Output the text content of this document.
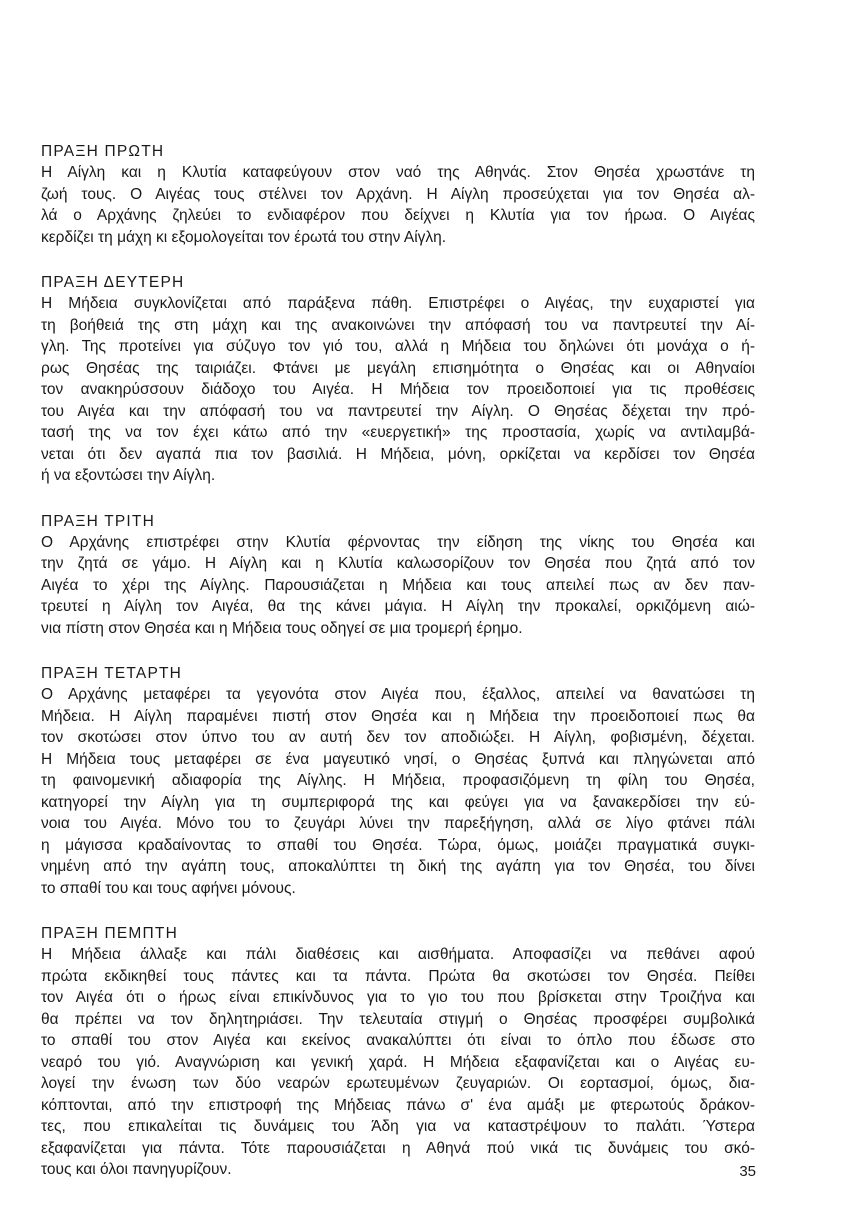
ΠΡΑΞΗ ΠΡΩΤΗ
Η Αίγλη και η Κλυτία καταφεύγουν στον ναό της Αθηνάς. Στον Θησέα χρωστάνε τη
ζωή τους. Ο Αιγέας τους στέλνει τον Αρχάνη. Η Αίγλη προσεύχεται για τον Θησέα αλ-
λά ο Αρχάνης ζηλεύει το ενδιαφέρον που δείχνει η Κλυτία για τον ήρωα. Ο Αιγέας
κερδίζει τη μάχη κι εξομολογείται τον έρωτά του στην Αίγλη.
ΠΡΑΞΗ ΔΕΥΤΕΡΗ
Η Μήδεια συγκλονίζεται από παράξενα πάθη. Επιστρέφει ο Αιγέας, την ευχαριστεί για
τη βοήθειά της στη μάχη και της ανακοινώνει την απόφασή του να παντρευτεί την Αί-
γλη. Της προτείνει για σύζυγο τον γιό του, αλλά η Μήδεια του δηλώνει ότι μονάχα ο ή-
ρως Θησέας της ταιριάζει. Φτάνει με μεγάλη επισημότητα ο Θησέας και οι Αθηναίοι
τον ανακηρύσσουν διάδοχο του Αιγέα. Η Μήδεια τον προειδοποιεί για τις προθέσεις
του Αιγέα και την απόφασή του να παντρευτεί την Αίγλη. Ο Θησέας δέχεται την πρό-
τασή της να τον έχει κάτω από την «ευεργετική» της προστασία, χωρίς να αντιλαμβά-
νεται ότι δεν αγαπά πια τον βασιλιά. Η Μήδεια, μόνη, ορκίζεται να κερδίσει τον Θησέα
ή να εξοντώσει την Αίγλη.
ΠΡΑΞΗ ΤΡΙΤΗ
Ο Αρχάνης επιστρέφει στην Κλυτία φέρνοντας την είδηση της νίκης του Θησέα και
την ζητά σε γάμο. Η Αίγλη και η Κλυτία καλωσορίζουν τον Θησέα που ζητά από τον
Αιγέα το χέρι της Αίγλης. Παρουσιάζεται η Μήδεια και τους απειλεί πως αν δεν παν-
τρευτεί η Αίγλη τον Αιγέα, θα της κάνει μάγια. Η Αίγλη την προκαλεί, ορκιζόμενη αιώ-
νια πίστη στον Θησέα και η Μήδεια τους οδηγεί σε μια τρομερή έρημο.
ΠΡΑΞΗ ΤΕΤΑΡΤΗ
Ο Αρχάνης μεταφέρει τα γεγονότα στον Αιγέα που, έξαλλος, απειλεί να θανατώσει τη
Μήδεια. Η Αίγλη παραμένει πιστή στον Θησέα και η Μήδεια την προειδοποιεί πως θα
τον σκοτώσει στον ύπνο του αν αυτή δεν τον αποδιώξει. Η Αίγλη, φοβισμένη, δέχεται.
Η Μήδεια τους μεταφέρει σε ένα μαγευτικό νησί, ο Θησέας ξυπνά και πληγώνεται από
τη φαινομενική αδιαφορία της Αίγλης. Η Μήδεια, προφασιζόμενη τη φίλη του Θησέα,
κατηγορεί την Αίγλη για τη συμπεριφορά της και φεύγει για να ξανακερδίσει την εύ-
νοια του Αιγέα. Μόνο του το ζευγάρι λύνει την παρεξήγηση, αλλά σε λίγο φτάνει πάλι
η μάγισσα κραδαίνοντας το σπαθί του Θησέα. Τώρα, όμως, μοιάζει πραγματικά συγκι-
νημένη από την αγάπη τους, αποκαλύπτει τη δική της αγάπη για τον Θησέα, του δίνει
το σπαθί του και τους αφήνει μόνους.
ΠΡΑΞΗ ΠΕΜΠΤΗ
Η Μήδεια άλλαξε και πάλι διαθέσεις και αισθήματα. Αποφασίζει να πεθάνει αφού
πρώτα εκδικηθεί τους πάντες και τα πάντα. Πρώτα θα σκοτώσει τον Θησέα. Πείθει
τον Αιγέα ότι ο ήρως είναι επικίνδυνος για το γιο του που βρίσκεται στην Τροιζήνα και
θα πρέπει να τον δηλητηριάσει. Την τελευταία στιγμή ο Θησέας προσφέρει συμβολικά
το σπαθί του στον Αιγέα και εκείνος ανακαλύπτει ότι είναι το όπλο που έδωσε στο
νεαρό του γιό. Αναγνώριση και γενική χαρά. Η Μήδεια εξαφανίζεται και ο Αιγέας ευ-
λογεί την ένωση των δύο νεαρών ερωτευμένων ζευγαριών. Οι εορτασμοί, όμως, δια-
κόπτονται, από την επιστροφή της Μήδειας πάνω σ' ένα αμάξι με φτερωτούς δράκον-
τες, που επικαλείται τις δυνάμεις του Άδη για να καταστρέψουν το παλάτι. Ύστερα
εξαφανίζεται για πάντα. Τότε παρουσιάζεται η Αθηνά πού νικά τις δυνάμεις του σκό-
τους και όλοι πανηγυρίζουν.	35
